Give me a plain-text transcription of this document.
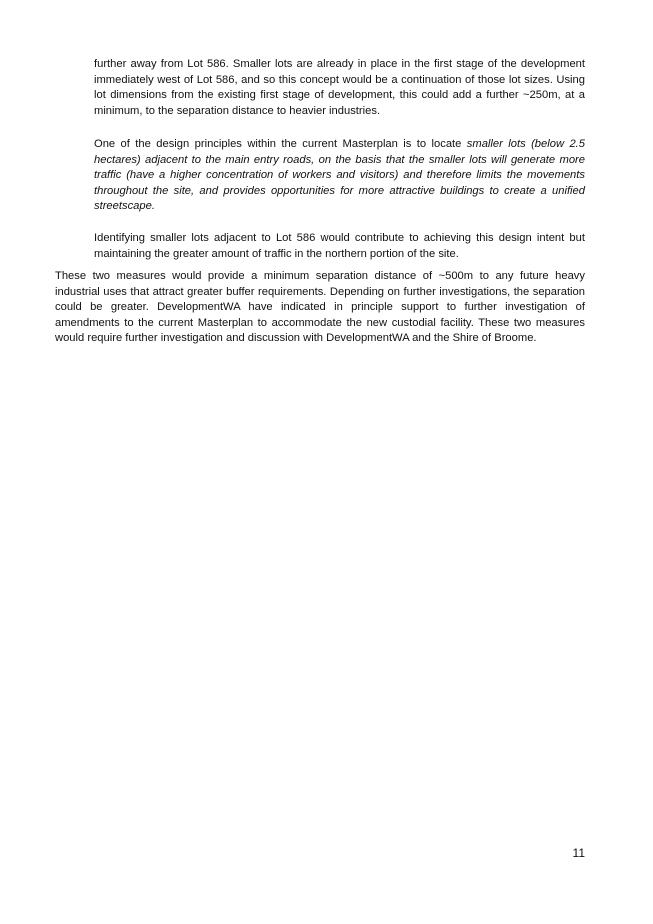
further away from Lot 586. Smaller lots are already in place in the first stage of the development immediately west of Lot 586, and so this concept would be a continuation of those lot sizes. Using lot dimensions from the existing first stage of development, this could add a further ~250m, at a minimum, to the separation distance to heavier industries.

One of the design principles within the current Masterplan is to locate smaller lots (below 2.5 hectares) adjacent to the main entry roads, on the basis that the smaller lots will generate more traffic (have a higher concentration of workers and visitors) and therefore limits the movements throughout the site, and provides opportunities for more attractive buildings to create a unified streetscape.

Identifying smaller lots adjacent to Lot 586 would contribute to achieving this design intent but maintaining the greater amount of traffic in the northern portion of the site.

These two measures would provide a minimum separation distance of ~500m to any future heavy industrial uses that attract greater buffer requirements. Depending on further investigations, the separation could be greater. DevelopmentWA have indicated in principle support to further investigation of amendments to the current Masterplan to accommodate the new custodial facility. These two measures would require further investigation and discussion with DevelopmentWA and the Shire of Broome.

11
